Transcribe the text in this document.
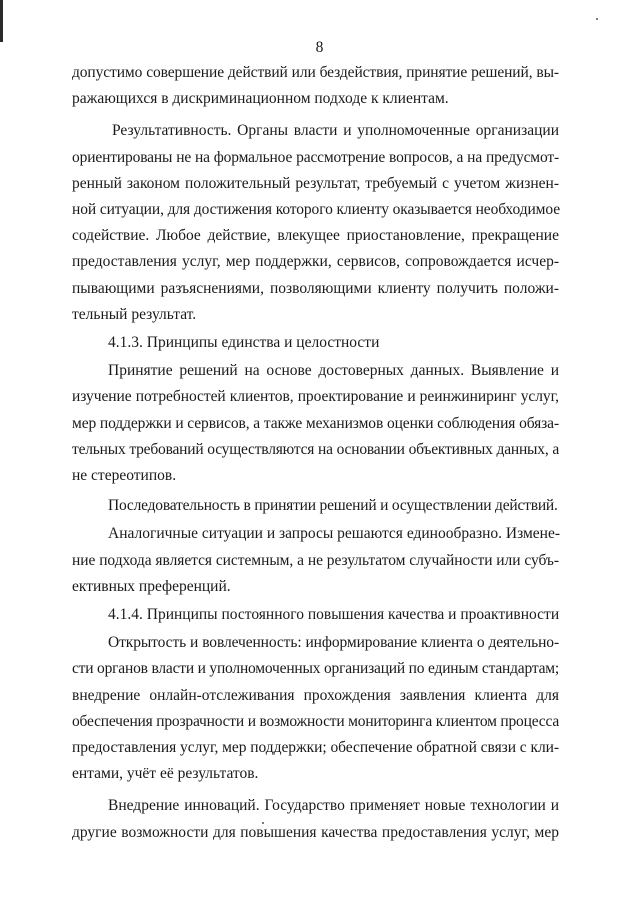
8

допустимо совершение действий или бездействия, принятие решений, вы-
ражающихся в дискриминационном подходе к клиентам.

Результативность. Органы власти и уполномоченные организации
ориентированы не на формальное рассмотрение вопросов, а на предусмот-
ренный законом положительный результат, требуемый с учетом жизнен-
ной ситуации, для достижения которого клиенту оказывается необходимое
содействие. Любое действие, влекущее приостановление, прекращение
предоставления услуг, мер поддержки, сервисов, сопровождается исчер-
пывающими разъяснениями, позволяющими клиенту получить положи-
тельный результат.

4.1.3. Принципы единства и целостности

Принятие решений на основе достоверных данных. Выявление и
изучение потребностей клиентов, проектирование и реинжиниринг услуг,
мер поддержки и сервисов, а также механизмов оценки соблюдения обяза-
тельных требований осуществляются на основании объективных данных, а
не стереотипов.

Последовательность в принятии решений и осуществлении действий.

Аналогичные ситуации и запросы решаются единообразно. Измене-
ние подхода является системным, а не результатом случайности или субъ-
ективных преференций.

4.1.4. Принципы постоянного повышения качества и проактивности

Открытость и вовлеченность: информирование клиента о деятельно-
сти органов власти и уполномоченных организаций по единым стандартам;
внедрение онлайн-отслеживания прохождения заявления клиента для
обеспечения прозрачности и возможности мониторинга клиентом процесса
предоставления услуг, мер поддержки; обеспечение обратной связи с кли-
ентами, учёт её результатов.

Внедрение инноваций. Государство применяет новые технологии и
другие возможности для повышения качества предоставления услуг, мер
